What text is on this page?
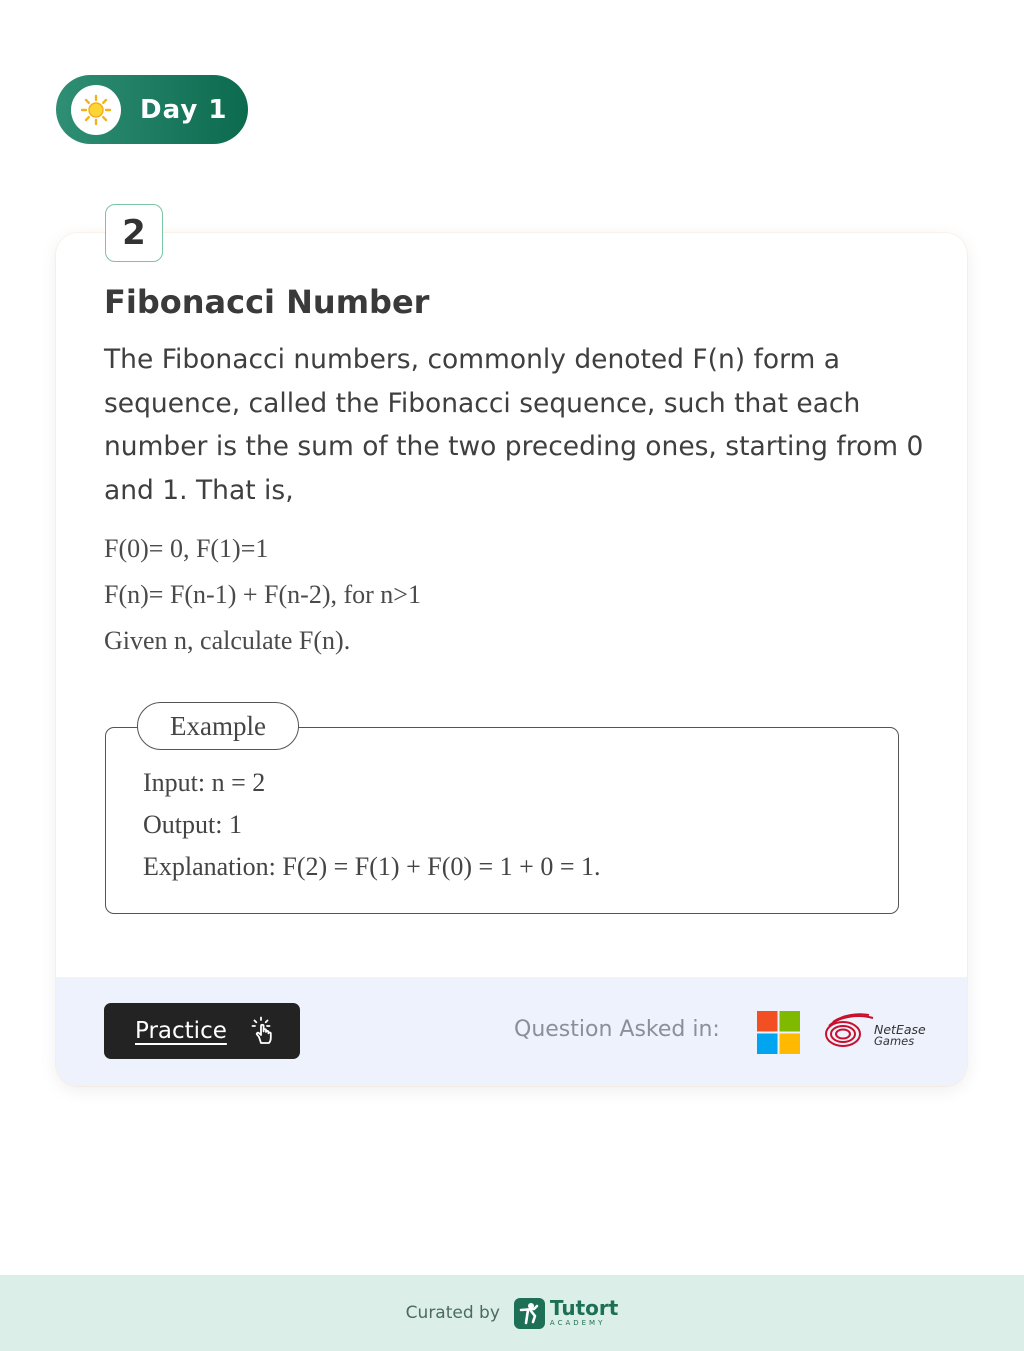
Day 1
2
Fibonacci Number

The Fibonacci numbers, commonly denoted F(n) form a sequence, called the Fibonacci sequence, such that each number is the sum of the two preceding ones, starting from 0 and 1. That is,

F(0)= 0, F(1)=1
F(n)= F(n-1) + F(n-2), for n>1
Given n, calculate F(n).
Example
Input: n = 2
Output: 1
Explanation: F(2) = F(1) + F(0) = 1 + 0 = 1.
Practice	Question Asked in:	NetEase
Games
Curated by	Tutort
ACADEMY
